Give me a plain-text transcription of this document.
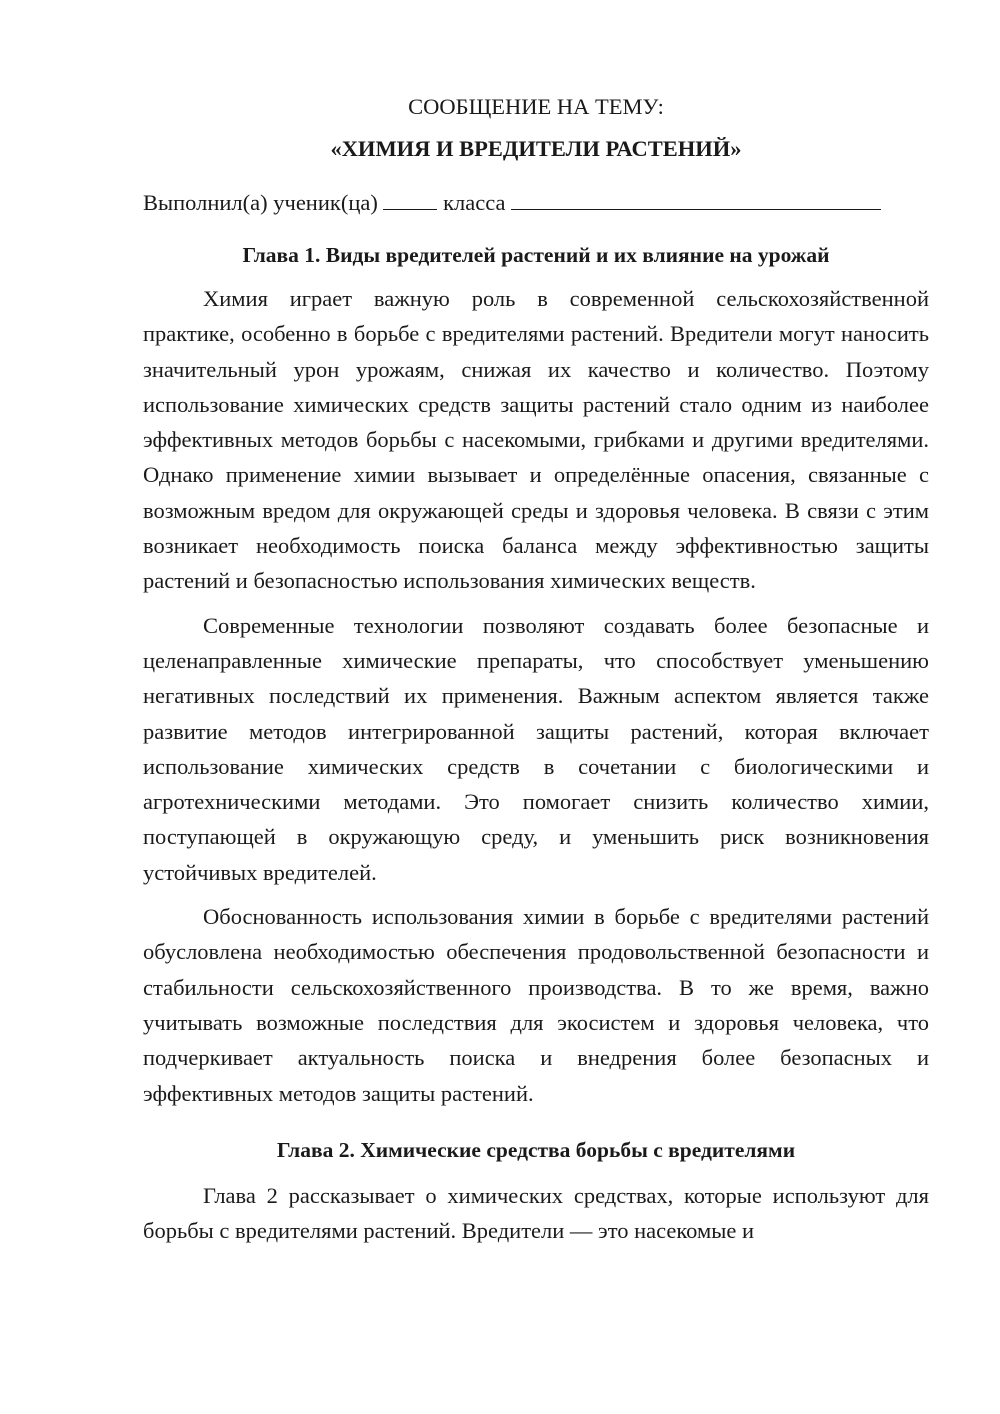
СООБЩЕНИЕ НА ТЕМУ:

«ХИМИЯ И ВРЕДИТЕЛИ РАСТЕНИЙ»

Выполнил(а) ученик(ца)	класса

Глава 1. Виды вредителей растений и их влияние на урожай

Химия играет важную роль в современной сельскохозяйственной практике, особенно в борьбе с вредителями растений. Вредители могут наносить значительный урон урожаям, снижая их качество и количество. Поэтому использование химических средств защиты растений стало одним из наиболее эффективных методов борьбы с насекомыми, грибками и другими вредителями. Однако применение химии вызывает и определённые опасения, связанные с возможным вредом для окружающей среды и здоровья человека. В связи с этим возникает необходимость поиска баланса между эффективностью защиты растений и безопасностью использования химических веществ.

Современные технологии позволяют создавать более безопасные и целенаправленные химические препараты, что способствует уменьшению негативных последствий их применения. Важным аспектом является также развитие методов интегрированной защиты растений, которая включает использование химических средств в сочетании с биологическими и агротехническими методами. Это помогает снизить количество химии, поступающей в окружающую среду, и уменьшить риск возникновения устойчивых вредителей.

Обоснованность использования химии в борьбе с вредителями растений обусловлена необходимостью обеспечения продовольственной безопасности и стабильности сельскохозяйственного производства. В то же время, важно учитывать возможные последствия для экосистем и здоровья человека, что подчеркивает актуальность поиска и внедрения более безопасных и эффективных методов защиты растений.

Глава 2. Химические средства борьбы с вредителями

Глава 2 рассказывает о химических средствах, которые используют для борьбы с вредителями растений. Вредители — это насекомые и
